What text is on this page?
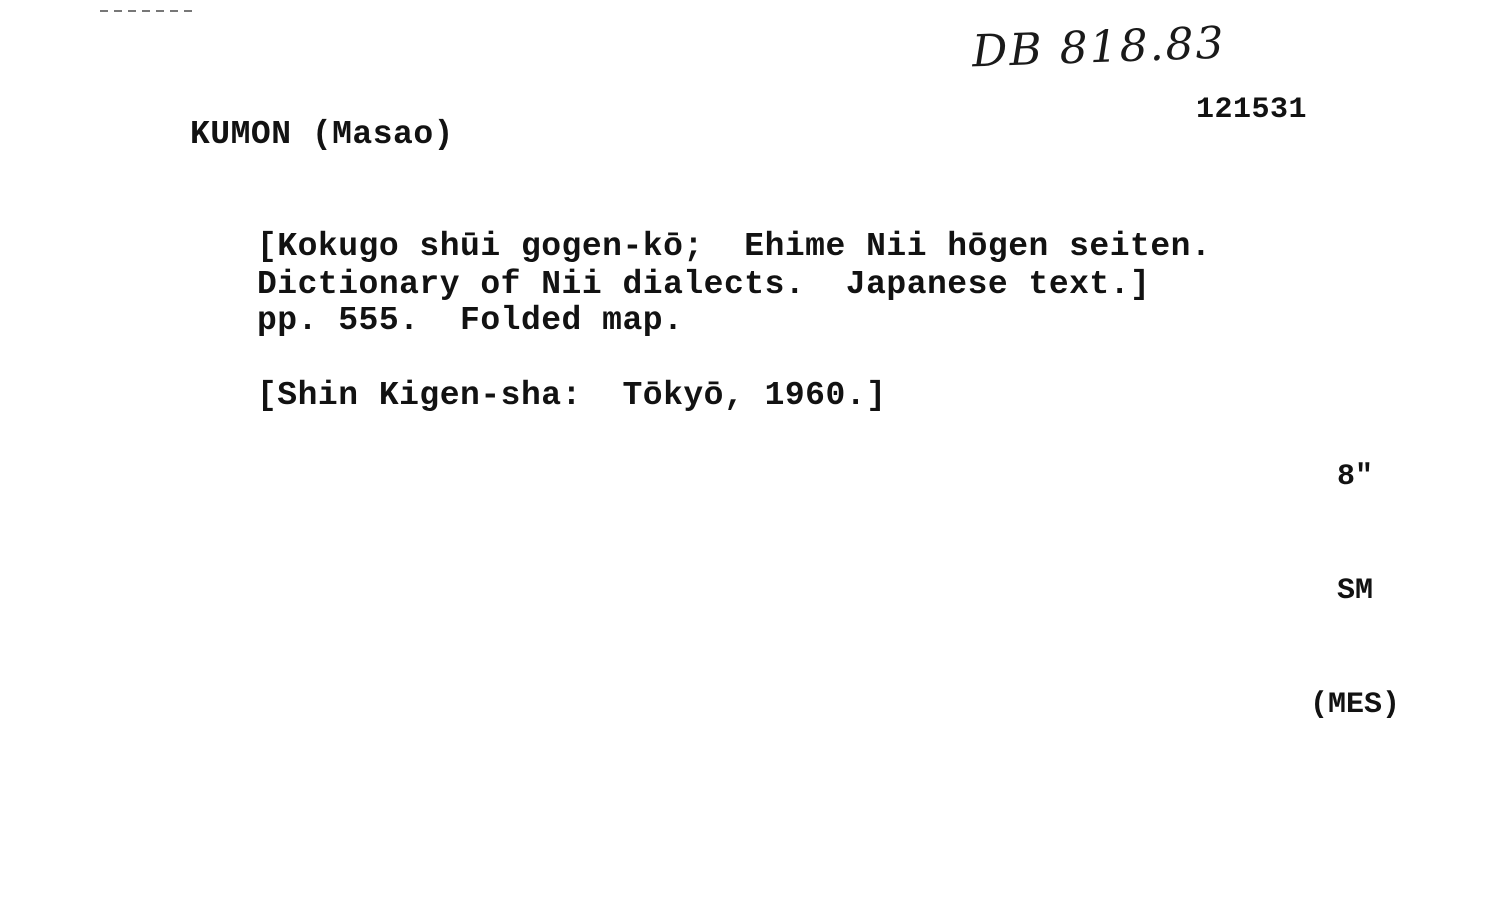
DB 818.83
121531
KUMON (Masao)
[Kokugo shūi gogen-kō;  Ehime Nii hōgen seiten.
Dictionary of Nii dialects.  Japanese text.]
pp. 555.  Folded map.
[Shin Kigen-sha:  Tōkyō, 1960.]

8"

SM

(MES)
